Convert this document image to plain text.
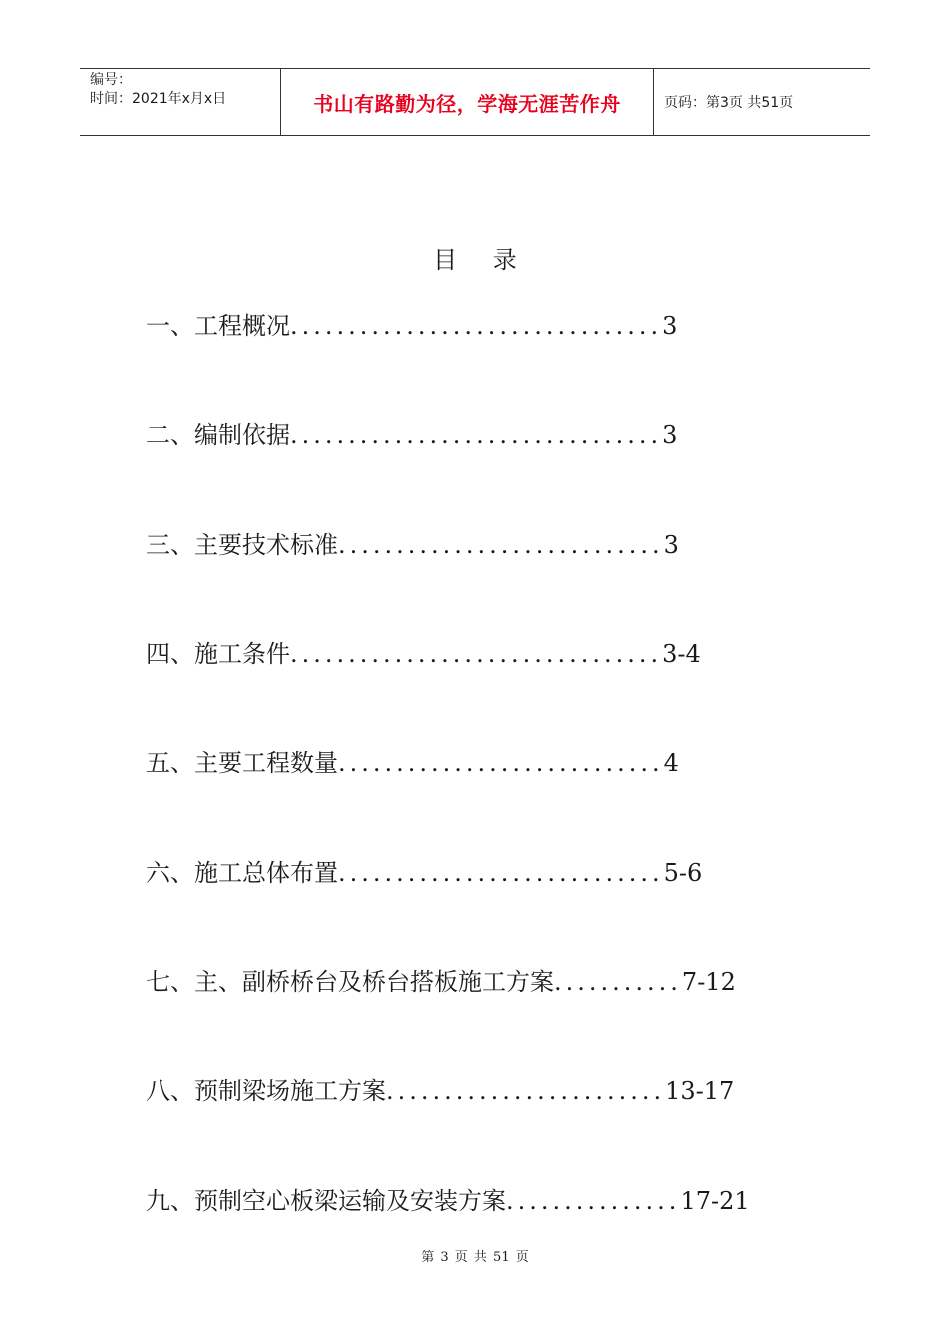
编号：
时间：2021年x月x日	书山有路勤为径，学海无涯苦作舟	页码：第3页 共51页
目 录
一、工程概况................................3
二、编制依据................................3
三、主要技术标准............................3
四、施工条件................................3-4
五、主要工程数量............................4
六、施工总体布置............................5-6
七、主、副桥桥台及桥台搭板施工方案...........7-12
八、预制梁场施工方案........................13-17
九、预制空心板梁运输及安装方案...............17-21
第 3 页 共 51 页
